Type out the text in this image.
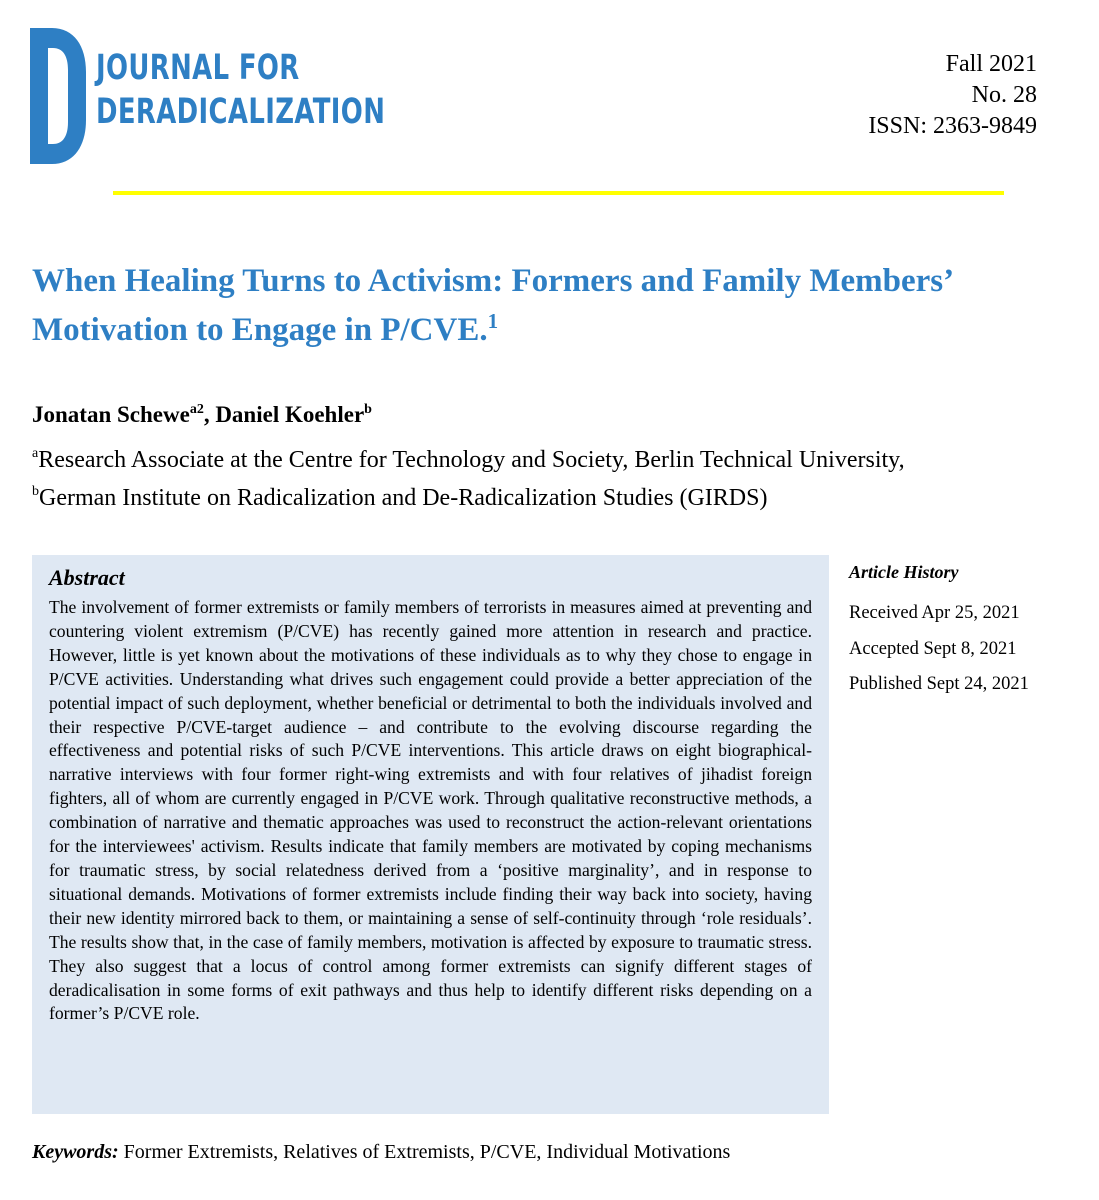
JOURNAL FOR
DERADICALIZATION
Fall 2021
No. 28
ISSN: 2363-9849
When Healing Turns to Activism: Formers and Family Members’ Motivation to Engage in P/CVE.$^1$
Jonatan Schewe$^{a2}$, Daniel Koehler$^b$
$^a$Research Associate at the Centre for Technology and Society, Berlin Technical University,
$^b$German Institute on Radicalization and De-Radicalization Studies (GIRDS)
Abstract

The involvement of former extremists or family members of terrorists in measures aimed at preventing and countering violent extremism (P/CVE) has recently gained more attention in research and practice. However, little is yet known about the motivations of these individuals as to why they chose to engage in P/CVE activities. Understanding what drives such engagement could provide a better appreciation of the potential impact of such deployment, whether beneficial or detrimental to both the individuals involved and their respective P/CVE-target audience – and contribute to the evolving discourse regarding the effectiveness and potential risks of such P/CVE interventions. This article draws on eight biographical-narrative interviews with four former right-wing extremists and with four relatives of jihadist foreign fighters, all of whom are currently engaged in P/CVE work. Through qualitative reconstructive methods, a combination of narrative and thematic approaches was used to reconstruct the action-relevant orientations for the interviewees' activism. Results indicate that family members are motivated by coping mechanisms for traumatic stress, by social relatedness derived from a ‘positive marginality’, and in response to situational demands. Motivations of former extremists include finding their way back into society, having their new identity mirrored back to them, or maintaining a sense of self-continuity through ‘role residuals’. The results show that, in the case of family members, motivation is affected by exposure to traumatic stress. They also suggest that a locus of control among former extremists can signify different stages of deradicalisation in some forms of exit pathways and thus help to identify different risks depending on a former’s P/CVE role.

Article History
Received Apr 25, 2021
Accepted Sept 8, 2021
Published Sept 24, 2021
Keywords: Former Extremists, Relatives of Extremists, P/CVE, Individual Motivations
